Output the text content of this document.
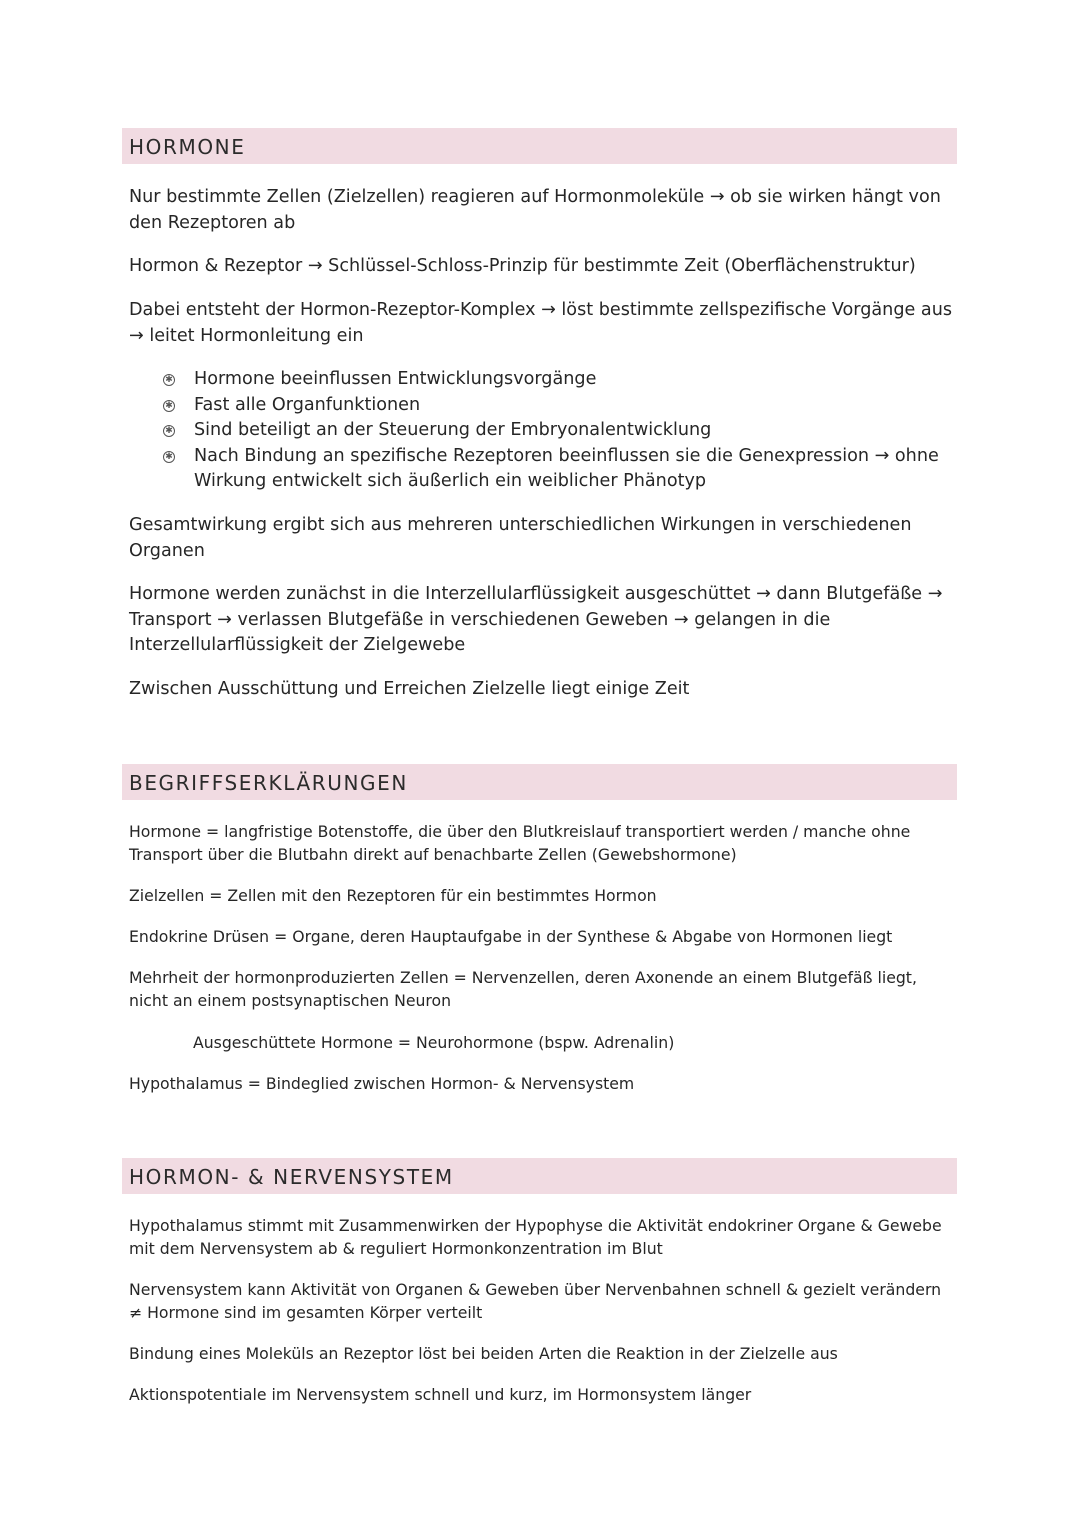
HORMONE

Nur bestimmte Zellen (Zielzellen) reagieren auf Hormonmoleküle → ob sie wirken hängt von den Rezeptoren ab

Hormon & Rezeptor → Schlüssel-Schloss-Prinzip für bestimmte Zeit (Oberflächenstruktur)

Dabei entsteht der Hormon-Rezeptor-Komplex → löst bestimmte zellspezifische Vorgänge aus → leitet Hormonleitung ein

✱ Hormone beeinflussen Entwicklungsvorgänge
✱ Fast alle Organfunktionen
✱ Sind beteiligt an der Steuerung der Embryonalentwicklung
✱ Nach Bindung an spezifische Rezeptoren beeinflussen sie die Genexpression → ohne Wirkung entwickelt sich äußerlich ein weiblicher Phänotyp

Gesamtwirkung ergibt sich aus mehreren unterschiedlichen Wirkungen in verschiedenen Organen

Hormone werden zunächst in die Interzellularflüssigkeit ausgeschüttet → dann Blutgefäße → Transport → verlassen Blutgefäße in verschiedenen Geweben → gelangen in die Interzellularflüssigkeit der Zielgewebe

Zwischen Ausschüttung und Erreichen Zielzelle liegt einige Zeit

BEGRIFFSERKLÄRUNGEN

Hormone = langfristige Botenstoffe, die über den Blutkreislauf transportiert werden / manche ohne Transport über die Blutbahn direkt auf benachbarte Zellen (Gewebshormone)

Zielzellen = Zellen mit den Rezeptoren für ein bestimmtes Hormon

Endokrine Drüsen = Organe, deren Hauptaufgabe in der Synthese & Abgabe von Hormonen liegt

Mehrheit der hormonproduzierten Zellen = Nervenzellen, deren Axonende an einem Blutgefäß liegt, nicht an einem postsynaptischen Neuron

Ausgeschüttete Hormone = Neurohormone (bspw. Adrenalin)

Hypothalamus = Bindeglied zwischen Hormon- & Nervensystem

HORMON- & NERVENSYSTEM

Hypothalamus stimmt mit Zusammenwirken der Hypophyse die Aktivität endokriner Organe & Gewebe mit dem Nervensystem ab & reguliert Hormonkonzentration im Blut

Nervensystem kann Aktivität von Organen & Geweben über Nervenbahnen schnell & gezielt verändern ≠ Hormone sind im gesamten Körper verteilt

Bindung eines Moleküls an Rezeptor löst bei beiden Arten die Reaktion in der Zielzelle aus

Aktionspotentiale im Nervensystem schnell und kurz, im Hormonsystem länger
